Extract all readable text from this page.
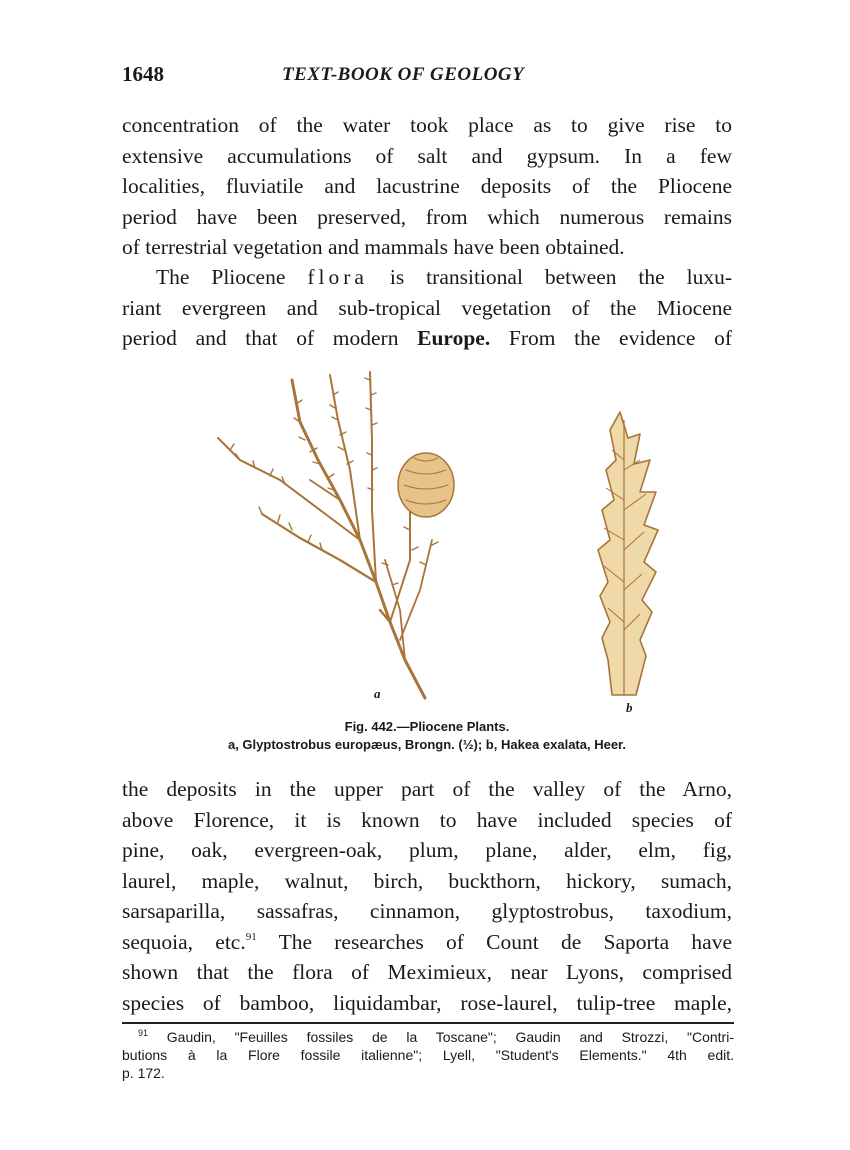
1648	TEXT-BOOK OF GEOLOGY
concentration of the water took place as to give rise to
extensive accumulations of salt and gypsum. In a few
localities, fluviatile and lacustrine deposits of the Pliocene
period have been preserved, from which numerous remains
of terrestrial vegetation and mammals have been obtained.
The Pliocene flora is transitional between the luxu-
riant evergreen and sub-tropical vegetation of the Miocene
period and that of modern Europe. From the evidence of
a
b
Fig. 442.—Pliocene Plants.
a, Glyptostrobus europæus, Brongn. (½); b, Hakea exalata, Heer.
the deposits in the upper part of the valley of the Arno,
above Florence, it is known to have included species of
pine, oak, evergreen-oak, plum, plane, alder, elm, fig,
laurel, maple, walnut, birch, buckthorn, hickory, sumach,
sarsaparilla, sassafras, cinnamon, glyptostrobus, taxodium,
sequoia, etc.$^{91}$ The researches of Count de Saporta have
shown that the flora of Meximieux, near Lyons, comprised
species of bamboo, liquidambar, rose-laurel, tulip-tree maple,
$^{91}$ Gaudin, "Feuilles fossiles de la Toscane"; Gaudin and Strozzi, "Contri-
butions à la Flore fossile italienne"; Lyell, "Student's Elements." 4th edit.
p. 172.
